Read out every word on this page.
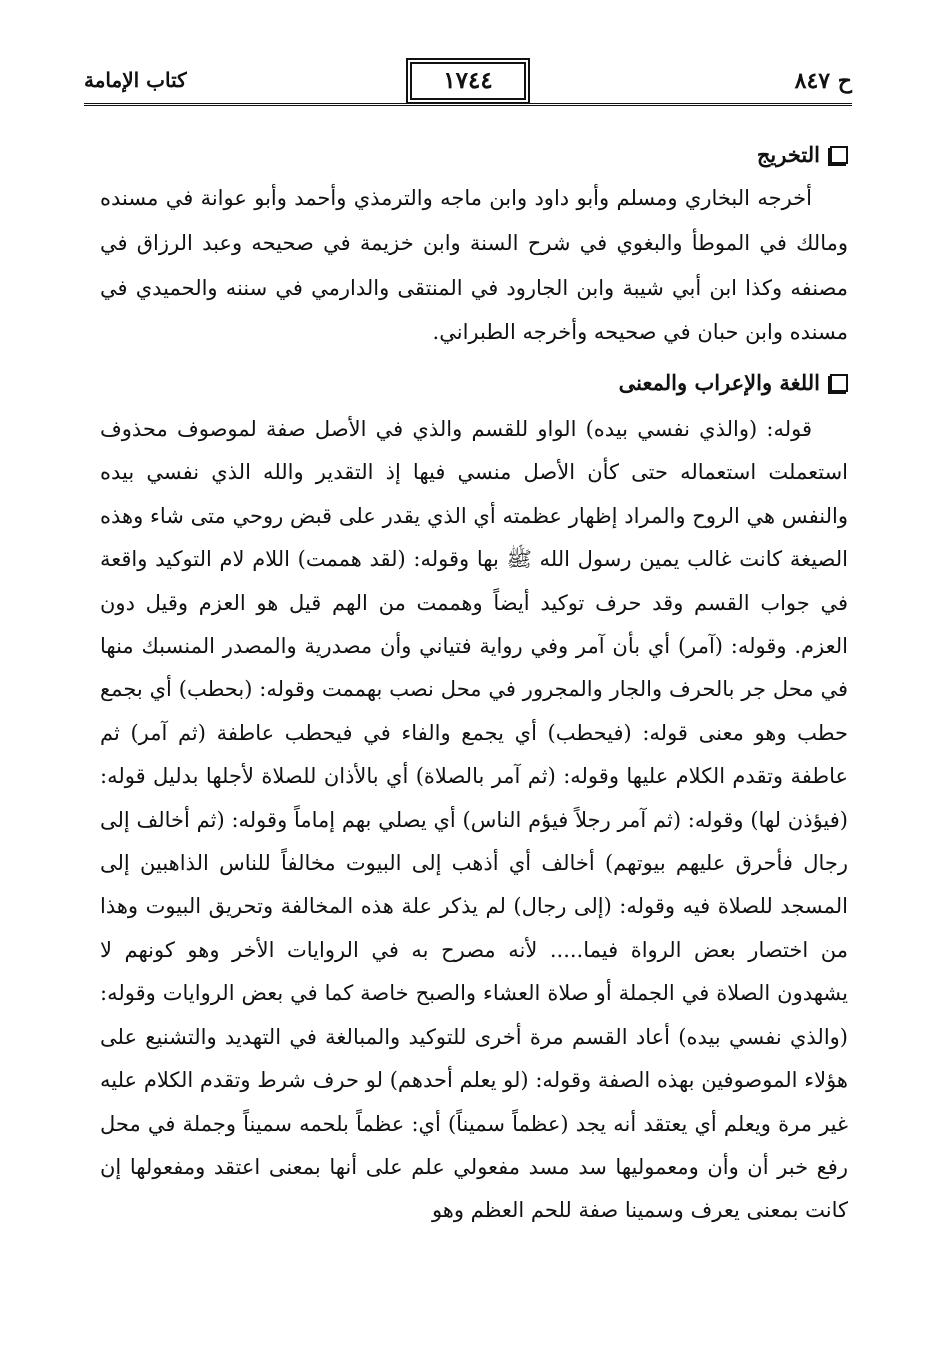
ح ٨٤٧
١٧٤٤
كتاب الإمامة
التخريج

أخرجه البخاري ومسلم وأبو داود وابن ماجه والترمذي وأحمد وأبو عوانة في مسنده ومالك في الموطأ والبغوي في شرح السنة وابن خزيمة في صحيحه وعبد الرزاق في مصنفه وكذا ابن أبي شيبة وابن الجارود في المنتقى والدارمي في سننه والحميدي في مسنده وابن حبان في صحيحه وأخرجه الطبراني.

اللغة والإعراب والمعنى

قوله: (والذي نفسي بيده) الواو للقسم والذي في الأصل صفة لموصوف محذوف استعملت استعماله حتى كأن الأصل منسي فيها إذ التقدير والله الذي نفسي بيده والنفس هي الروح والمراد إظهار عظمته أي الذي يقدر على قبض روحي متى شاء وهذه الصيغة كانت غالب يمين رسول الله ﷺ بها وقوله: (لقد هممت) اللام لام التوكيد واقعة في جواب القسم وقد حرف توكيد أيضاً وهممت من الهم قيل هو العزم وقيل دون العزم. وقوله: (آمر) أي بأن آمر وفي رواية فتياني وأن مصدرية والمصدر المنسبك منها في محل جر بالحرف والجار والمجرور في محل نصب بهممت وقوله: (بحطب) أي بجمع حطب وهو معنى قوله: (فيحطب) أي يجمع والفاء في فيحطب عاطفة (ثم آمر) ثم عاطفة وتقدم الكلام عليها وقوله: (ثم آمر بالصلاة) أي بالأذان للصلاة لأجلها بدليل قوله: (فيؤذن لها) وقوله: (ثم آمر رجلاً فيؤم الناس) أي يصلي بهم إماماً وقوله: (ثم أخالف إلى رجال فأحرق عليهم بيوتهم) أخالف أي أذهب إلى البيوت مخالفاً للناس الذاهبين إلى المسجد للصلاة فيه وقوله: (إلى رجال) لم يذكر علة هذه المخالفة وتحريق البيوت وهذا من اختصار بعض الرواة فيما..... لأنه مصرح به في الروايات الأخر وهو كونهم لا يشهدون الصلاة في الجملة أو صلاة العشاء والصبح خاصة كما في بعض الروايات وقوله: (والذي نفسي بيده) أعاد القسم مرة أخرى للتوكيد والمبالغة في التهديد والتشنيع على هؤلاء الموصوفين بهذه الصفة وقوله: (لو يعلم أحدهم) لو حرف شرط وتقدم الكلام عليه غير مرة ويعلم أي يعتقد أنه يجد (عظماً سميناً) أي: عظماً بلحمه سميناً وجملة في محل رفع خبر أن وأن ومعموليها سد مسد مفعولي علم على أنها بمعنى اعتقد ومفعولها إن كانت بمعنى يعرف وسمينا صفة للحم العظم وهو
